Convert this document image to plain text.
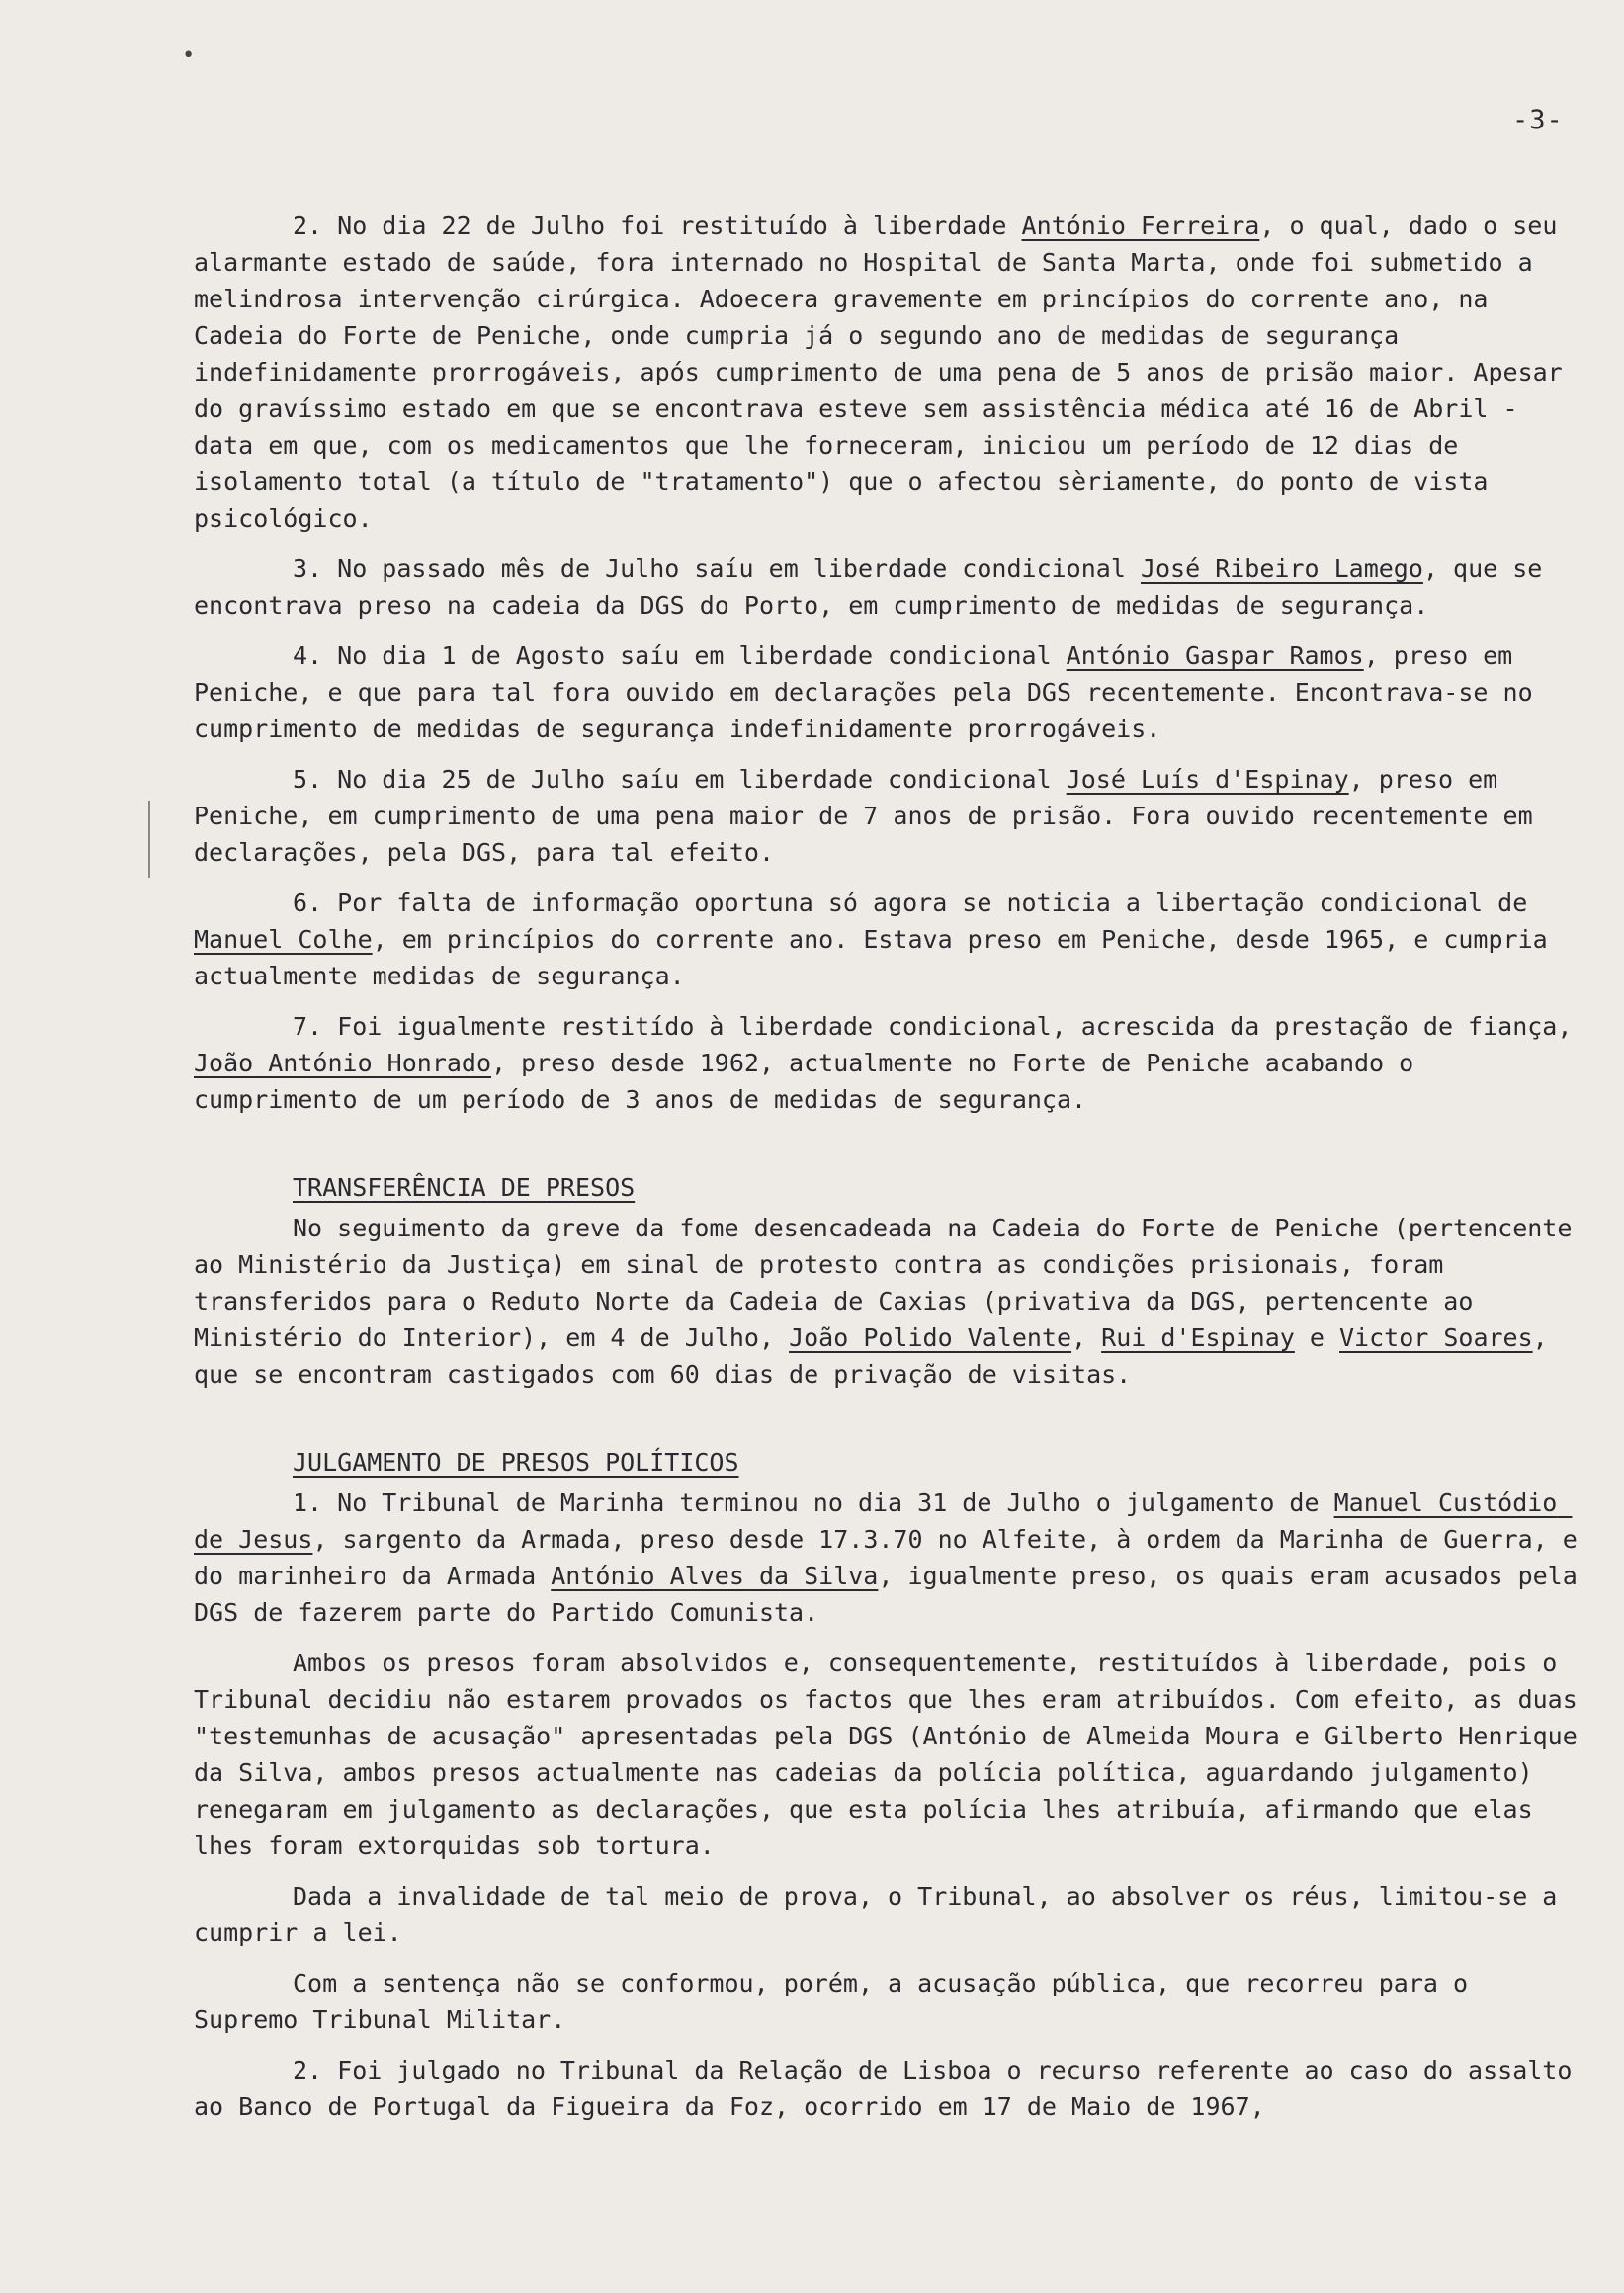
-3-
•

2. No dia 22 de Julho foi restituído à liberdade António Ferreira, o qual, dado o seu alarmante estado de saúde, fora internado no Hospital de Santa Marta, onde foi submetido a melindrosa intervenção cirúrgica. Adoecera gravemente em princípios do corrente ano, na Cadeia do Forte de Peniche, onde cumpria já o segundo ano de medidas de segurança indefinidamente prorrogáveis, após cumprimento de uma pena de 5 anos de prisão maior. Apesar do gravíssimo estado em que se encontrava esteve sem assistência médica até 16 de Abril - data em que, com os medicamentos que lhe forneceram, iniciou um período de 12 dias de isolamento total (a título de "tratamento") que o afectou sèriamente, do ponto de vista psicológico.

3. No passado mês de Julho saíu em liberdade condicional José Ribeiro Lamego, que se encontrava preso na cadeia da DGS do Porto, em cumprimento de medidas de segurança.

4. No dia 1 de Agosto saíu em liberdade condicional António Gaspar Ramos, preso em Peniche, e que para tal fora ouvido em declarações pela DGS recentemente. Encontrava-se no cumprimento de medidas de segurança indefinidamente prorrogáveis.

5. No dia 25 de Julho saíu em liberdade condicional José Luís d'Espinay, preso em Peniche, em cumprimento de uma pena maior de 7 anos de prisão. Fora ouvido recentemente em declarações, pela DGS, para tal efeito.

6. Por falta de informação oportuna só agora se noticia a libertação condicional de Manuel Colhe, em princípios do corrente ano. Estava preso em Peniche, desde 1965, e cumpria actualmente medidas de segurança.

7. Foi igualmente restitído à liberdade condicional, acrescida da prestação de fiança, João António Honrado, preso desde 1962, actualmente no Forte de Peniche acabando o cumprimento de um período de 3 anos de medidas de segurança.

TRANSFERÊNCIA DE PRESOS

No seguimento da greve da fome desencadeada na Cadeia do Forte de Peniche (pertencente ao Ministério da Justiça) em sinal de protesto contra as condições prisionais, foram transferidos para o Reduto Norte da Cadeia de Caxias (privativa da DGS, pertencente ao Ministério do Interior), em 4 de Julho, João Polido Valente, Rui d'Espinay e Victor Soares, que se encontram castigados com 60 dias de privação de visitas.

JULGAMENTO DE PRESOS POLÍTICOS

1. No Tribunal de Marinha terminou no dia 31 de Julho o julgamento de Manuel Custódio de Jesus, sargento da Armada, preso desde 17.3.70 no Alfeite, à ordem da Marinha de Guerra, e do marinheiro da Armada António Alves da Silva, igualmente preso, os quais eram acusados pela DGS de fazerem parte do Partido Comunista.

Ambos os presos foram absolvidos e, consequentemente, restituídos à liberdade, pois o Tribunal decidiu não estarem provados os factos que lhes eram atribuídos. Com efeito, as duas "testemunhas de acusação" apresentadas pela DGS (António de Almeida Moura e Gilberto Henrique da Silva, ambos presos actualmente nas cadeias da polícia política, aguardando julgamento) renegaram em julgamento as declarações, que esta polícia lhes atribuía, afirmando que elas lhes foram extorquidas sob tortura.

Dada a invalidade de tal meio de prova, o Tribunal, ao absolver os réus, limitou-se a cumprir a lei.

Com a sentença não se conformou, porém, a acusação pública, que recorreu para o Supremo Tribunal Militar.

2. Foi julgado no Tribunal da Relação de Lisboa o recurso referente ao caso do assalto ao Banco de Portugal da Figueira da Foz, ocorrido em 17 de Maio de 1967,
